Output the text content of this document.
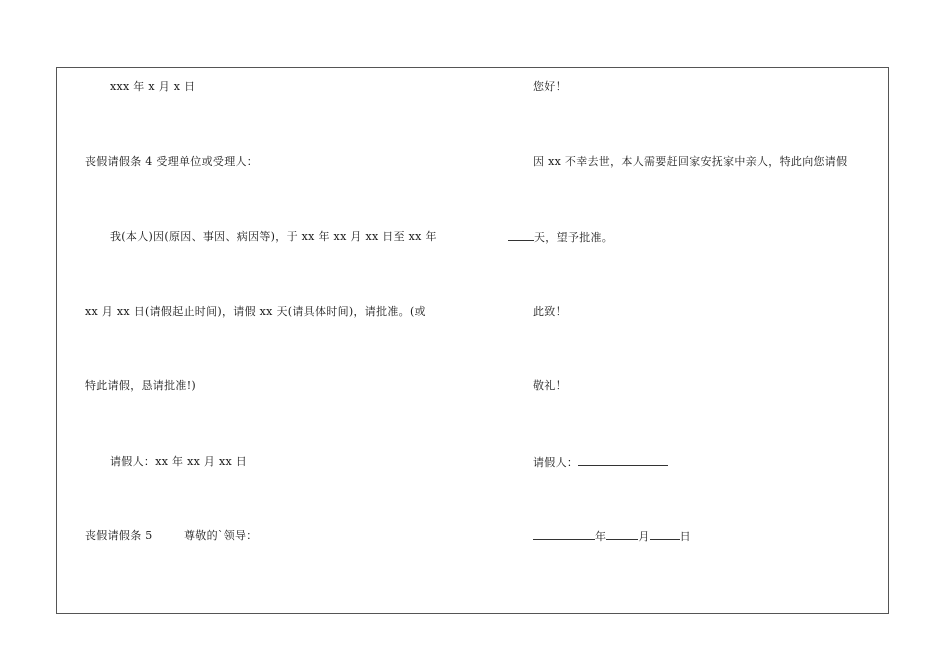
xxx 年 x 月 x 日
丧假请假条 4 受理单位或受理人：
我(本人)因(原因、事因、病因等)，于 xx 年 xx 月 xx 日至 xx 年
xx 月 xx 日(请假起止时间)，请假 xx 天(请具体时间)，请批准。(或
特此请假，恳请批准!)
请假人：xx 年 xx 月 xx 日
丧假请假条 5	尊敬的`领导：
您好！
因 xx 不幸去世，本人需要赶回家安抚家中亲人，特此向您请假
天，望予批准。
此致！
敬礼！
请假人：
年	月	日
